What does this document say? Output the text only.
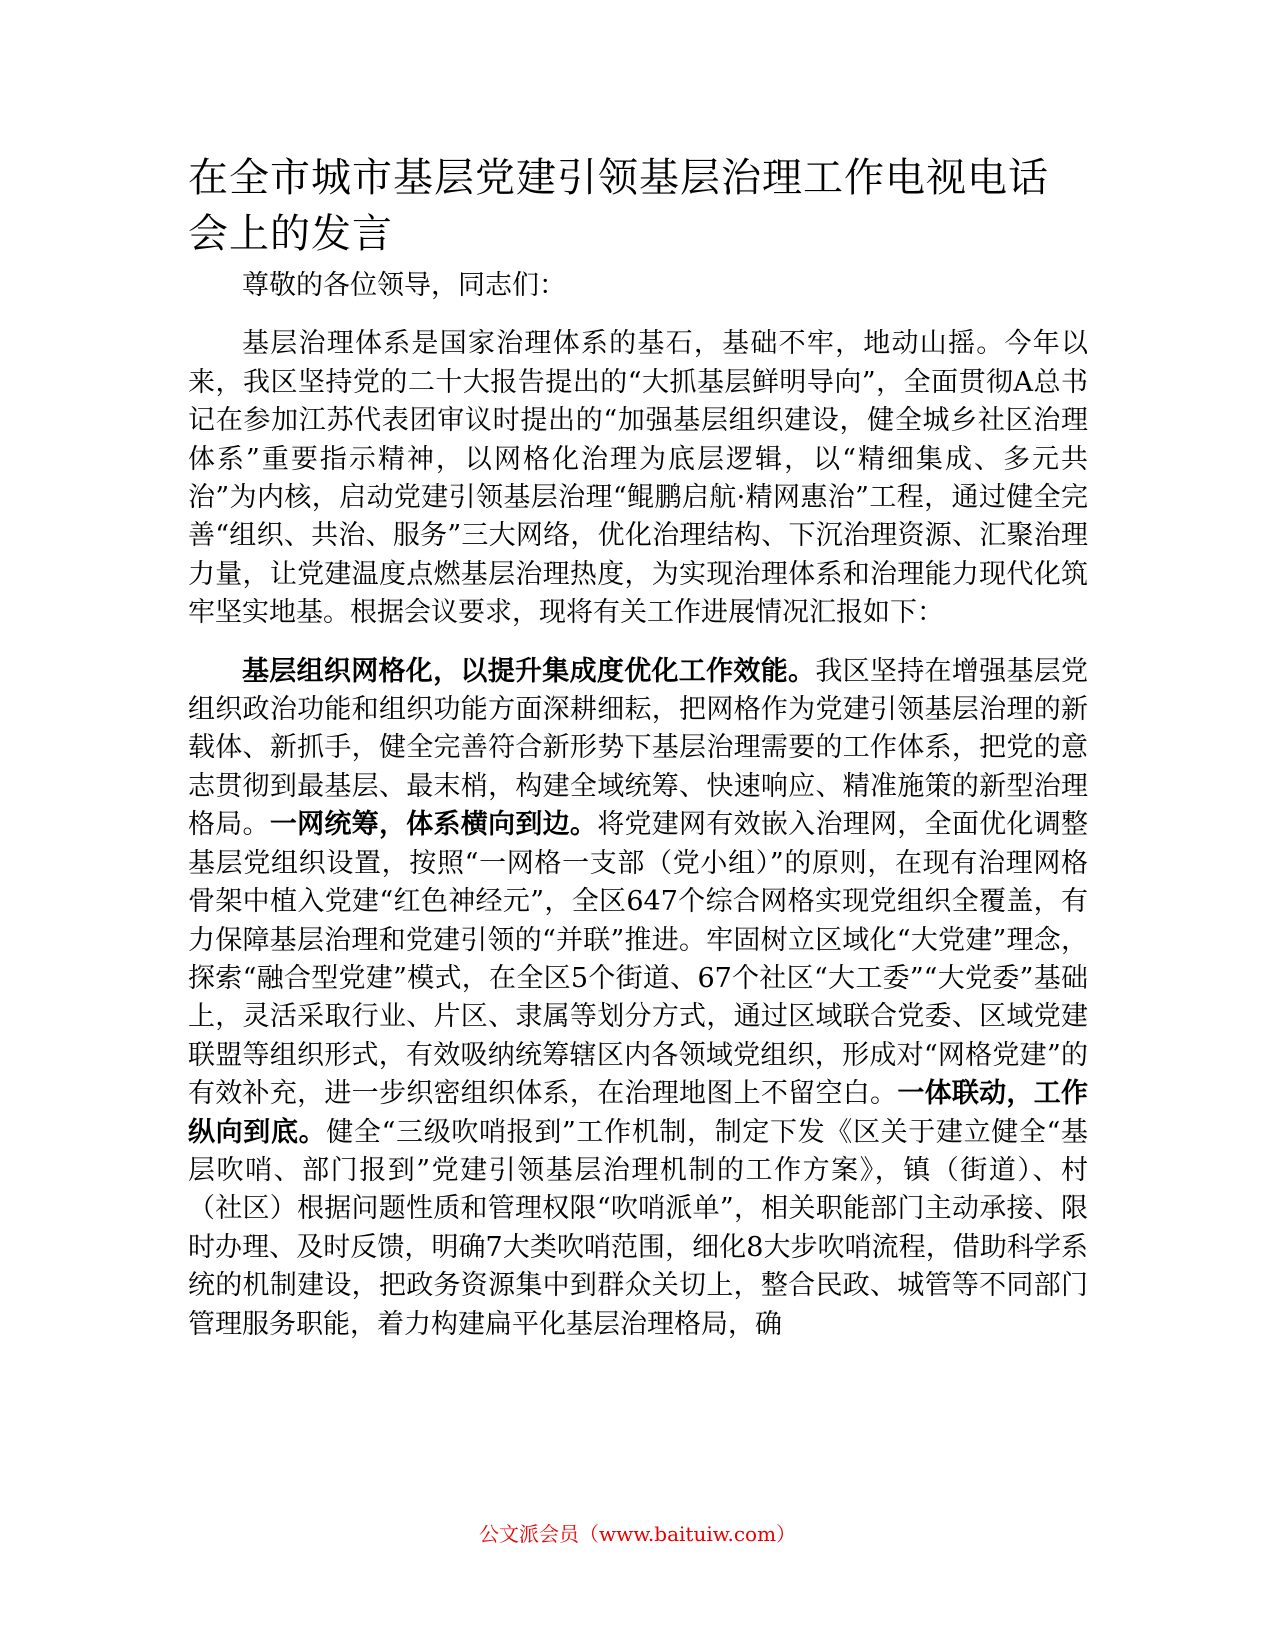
在全市城市基层党建引领基层治理工作电视电话会上的发言

尊敬的各位领导，同志们：

基层治理体系是国家治理体系的基石，基础不牢，地动山摇。今年以来，我区坚持党的二十大报告提出的“大抓基层鲜明导向”，全面贯彻A总书记在参加江苏代表团审议时提出的“加强基层组织建设，健全城乡社区治理体系”重要指示精神，以网格化治理为底层逻辑，以“精细集成、多元共治”为内核，启动党建引领基层治理“鲲鹏启航·精网惠治”工程，通过健全完善“组织、共治、服务”三大网络，优化治理结构、下沉治理资源、汇聚治理力量，让党建温度点燃基层治理热度，为实现治理体系和治理能力现代化筑牢坚实地基。根据会议要求，现将有关工作进展情况汇报如下：

基层组织网格化，以提升集成度优化工作效能。我区坚持在增强基层党组织政治功能和组织功能方面深耕细耘，把网格作为党建引领基层治理的新载体、新抓手，健全完善符合新形势下基层治理需要的工作体系，把党的意志贯彻到最基层、最末梢，构建全域统筹、快速响应、精准施策的新型治理格局。一网统筹，体系横向到边。将党建网有效嵌入治理网，全面优化调整基层党组织设置，按照“一网格一支部（党小组）”的原则，在现有治理网格骨架中植入党建“红色神经元”，全区647个综合网格实现党组织全覆盖，有力保障基层治理和党建引领的“并联”推进。牢固树立区域化“大党建”理念，探索“融合型党建”模式，在全区5个街道、67个社区“大工委”“大党委”基础上，灵活采取行业、片区、隶属等划分方式，通过区域联合党委、区域党建联盟等组织形式，有效吸纳统筹辖区内各领域党组织，形成对“网格党建”的有效补充，进一步织密组织体系，在治理地图上不留空白。一体联动，工作纵向到底。健全“三级吹哨报到”工作机制，制定下发《区关于建立健全“基层吹哨、部门报到”党建引领基层治理机制的工作方案》，镇（街道）、村（社区）根据问题性质和管理权限“吹哨派单”，相关职能部门主动承接、限时办理、及时反馈，明确7大类吹哨范围，细化8大步吹哨流程，借助科学系统的机制建设，把政务资源集中到群众关切上，整合民政、城管等不同部门管理服务职能，着力构建扁平化基层治理格局，确

公文派会员（www.baituiw.com）
